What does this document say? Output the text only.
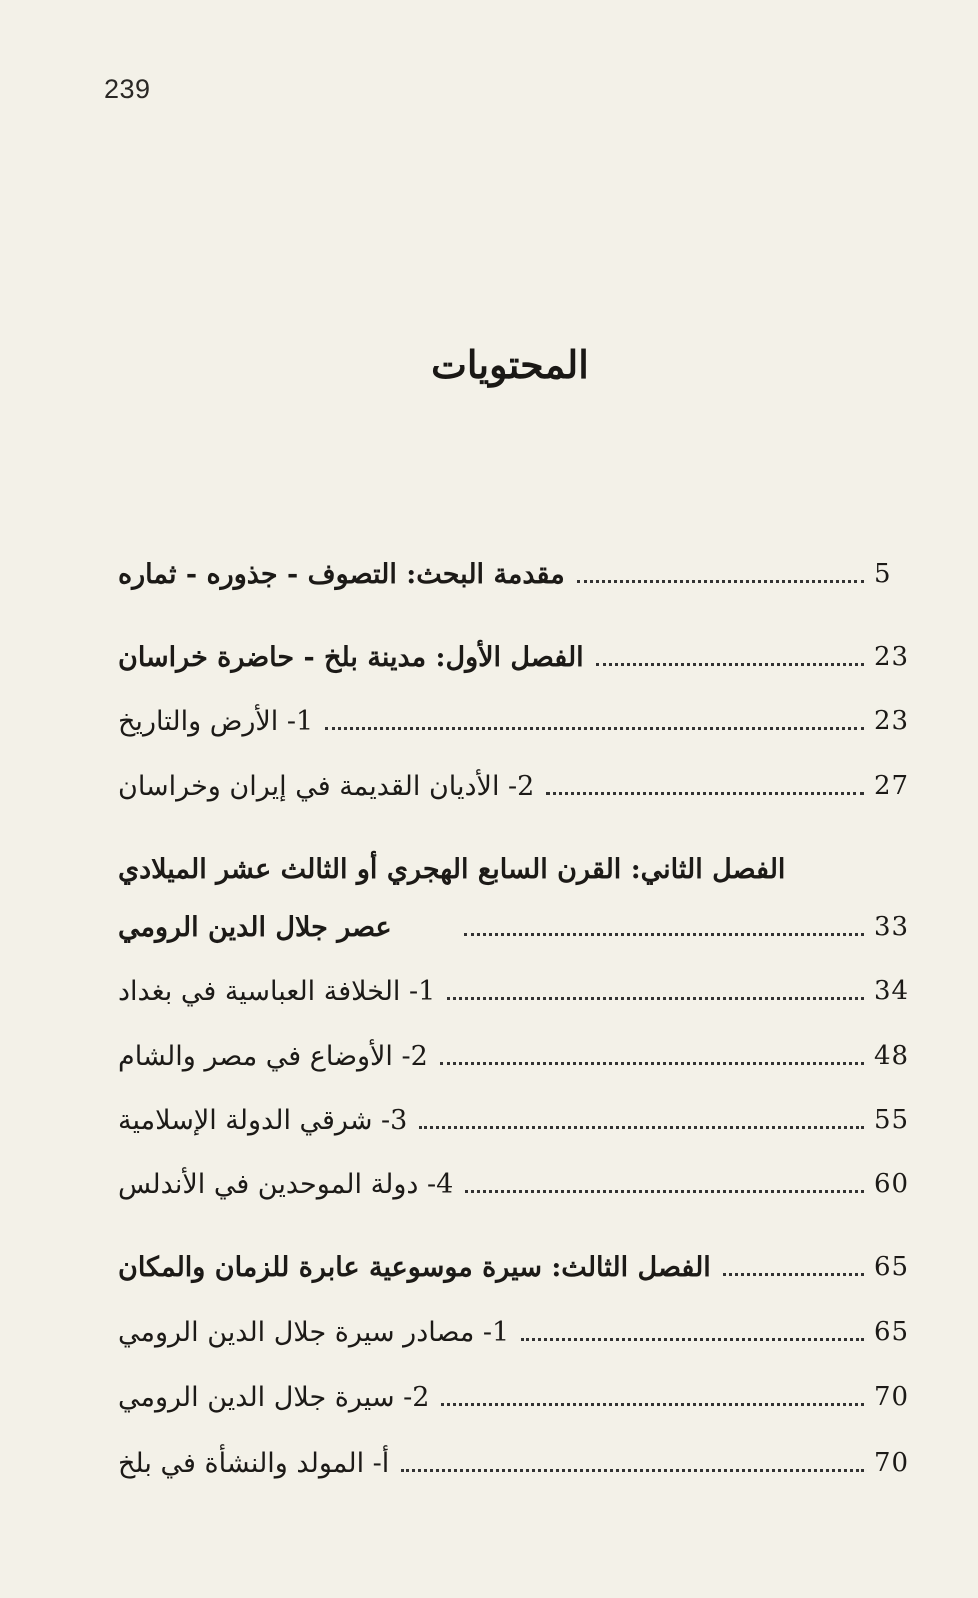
239
المحتويات
مقدمة البحث: التصوف - جذوره - ثماره	5
الفصل الأول: مدينة بلخ - حاضرة خراسان	23
1- الأرض والتاريخ	23
2- الأديان القديمة في إيران وخراسان	27
الفصل الثاني: القرن السابع الهجري أو الثالث عشر الميلادي
عصر جلال الدين الرومي	33
1- الخلافة العباسية في بغداد	34
2- الأوضاع في مصر والشام	48
3- شرقي الدولة الإسلامية	55
4- دولة الموحدين في الأندلس	60
الفصل الثالث: سيرة موسوعية عابرة للزمان والمكان	65
1- مصادر سيرة جلال الدين الرومي	65
2- سيرة جلال الدين الرومي	70
أ- المولد والنشأة في بلخ	70
